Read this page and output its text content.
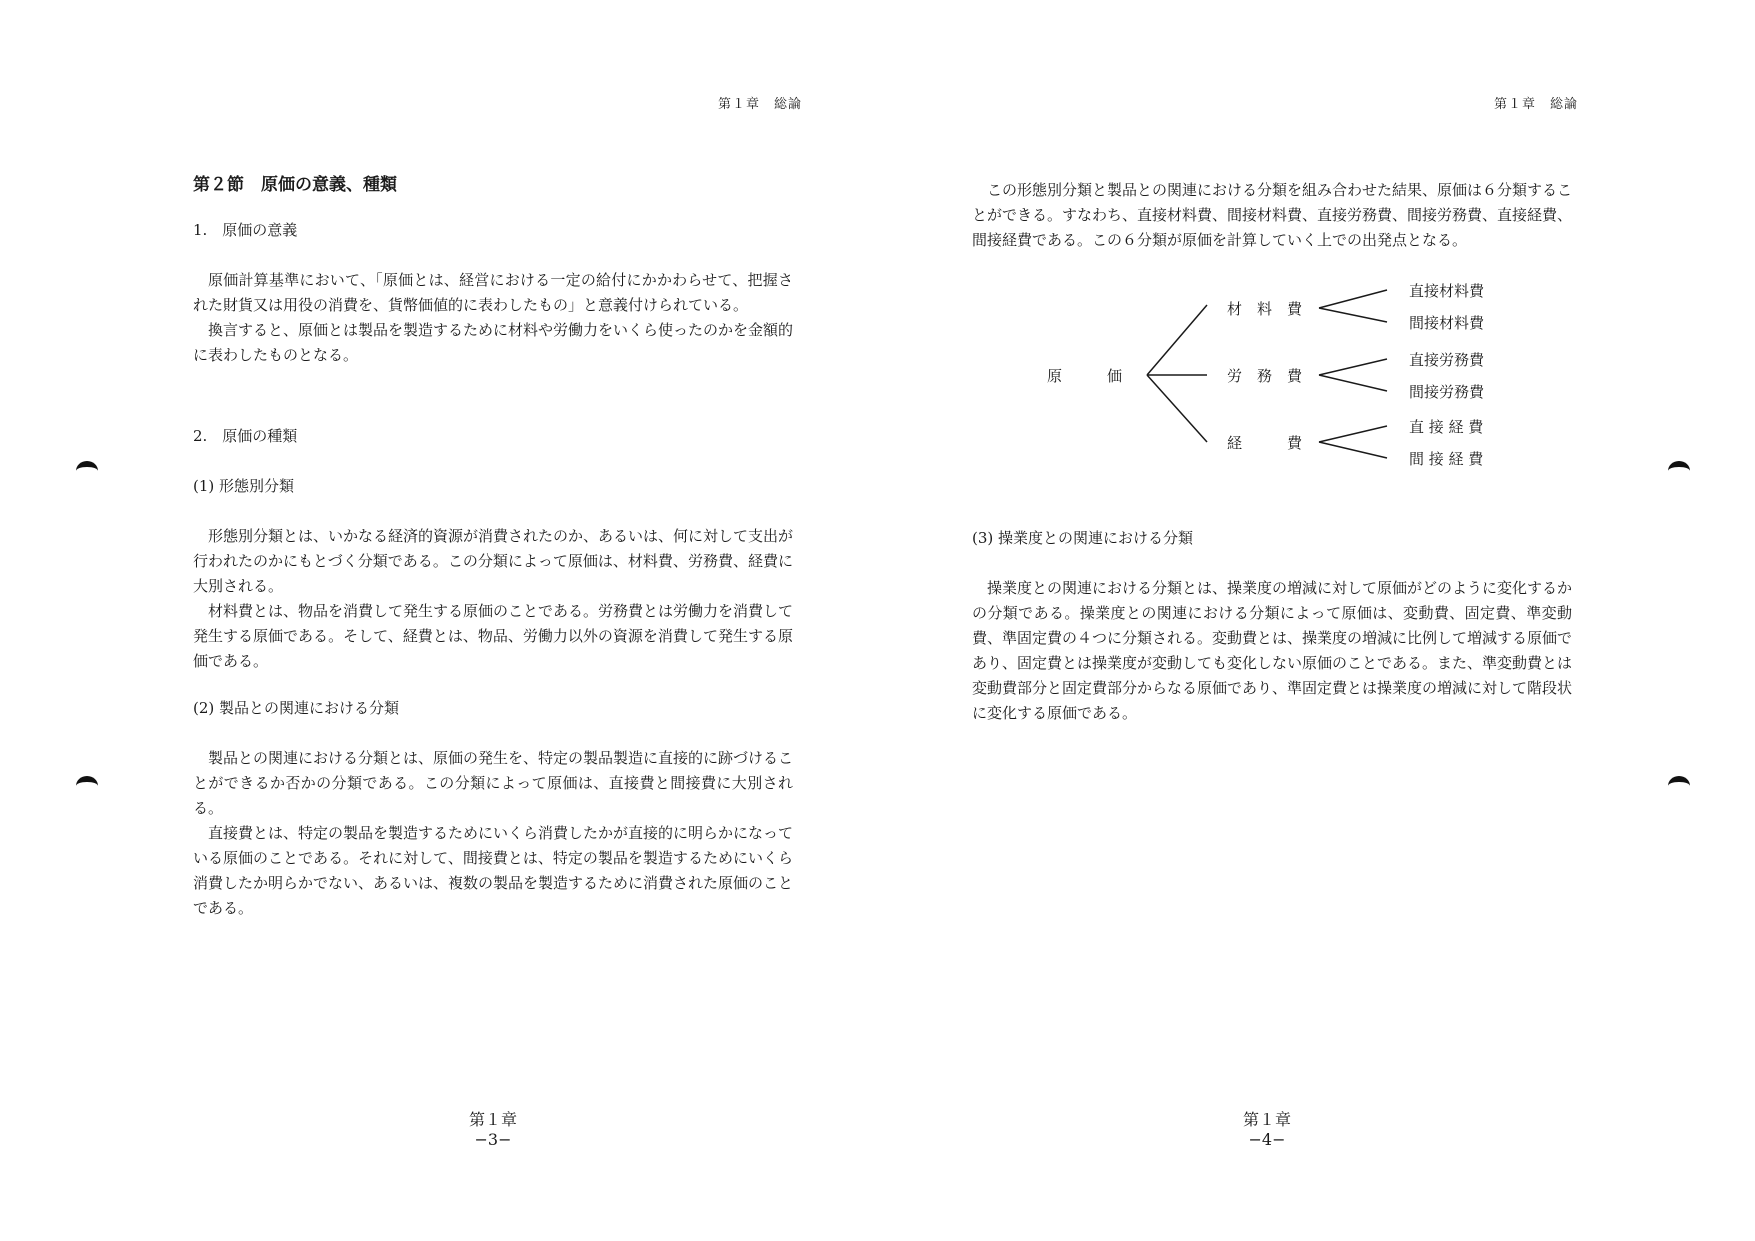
第１章　総論
第２節　原価の意義、種類
1.　原価の意義

原価計算基準において、「原価とは、経営における一定の給付にかかわらせて、把握された財貨又は用役の消費を、貨幣価値的に表わしたもの」と意義付けられている。

換言すると、原価とは製品を製造するために材料や労働力をいくら使ったのかを金額的に表わしたものとなる。

2.　原価の種類
(1) 形態別分類

形態別分類とは、いかなる経済的資源が消費されたのか、あるいは、何に対して支出が行われたのかにもとづく分類である。この分類によって原価は、材料費、労務費、経費に大別される。

材料費とは、物品を消費して発生する原価のことである。労務費とは労働力を消費して発生する原価である。そして、経費とは、物品、労働力以外の資源を消費して発生する原価である。

(2) 製品との関連における分類

製品との関連における分類とは、原価の発生を、特定の製品製造に直接的に跡づけることができるか否かの分類である。この分類によって原価は、直接費と間接費に大別される。

直接費とは、特定の製品を製造するためにいくら消費したかが直接的に明らかになっている原価のことである。それに対して、間接費とは、特定の製品を製造するためにいくら消費したか明らかでない、あるいは、複数の製品を製造するために消費された原価のことである。

第１章
−3−
第１章　総論

この形態別分類と製品との関連における分類を組み合わせた結果、原価は６分類することができる。すなわち、直接材料費、間接材料費、直接労務費、間接労務費、直接経費、間接経費である。この６分類が原価を計算していく上での出発点となる。

原　　　価
材　料　費
労　務　費
経　　　費
直接材料費
間接材料費
直接労務費
間接労務費
直 接 経 費
間 接 経 費
(3) 操業度との関連における分類

操業度との関連における分類とは、操業度の増減に対して原価がどのように変化するかの分類である。操業度との関連における分類によって原価は、変動費、固定費、準変動費、準固定費の４つに分類される。変動費とは、操業度の増減に比例して増減する原価であり、固定費とは操業度が変動しても変化しない原価のことである。また、準変動費とは変動費部分と固定費部分からなる原価であり、準固定費とは操業度の増減に対して階段状に変化する原価である。

第１章
−4−
